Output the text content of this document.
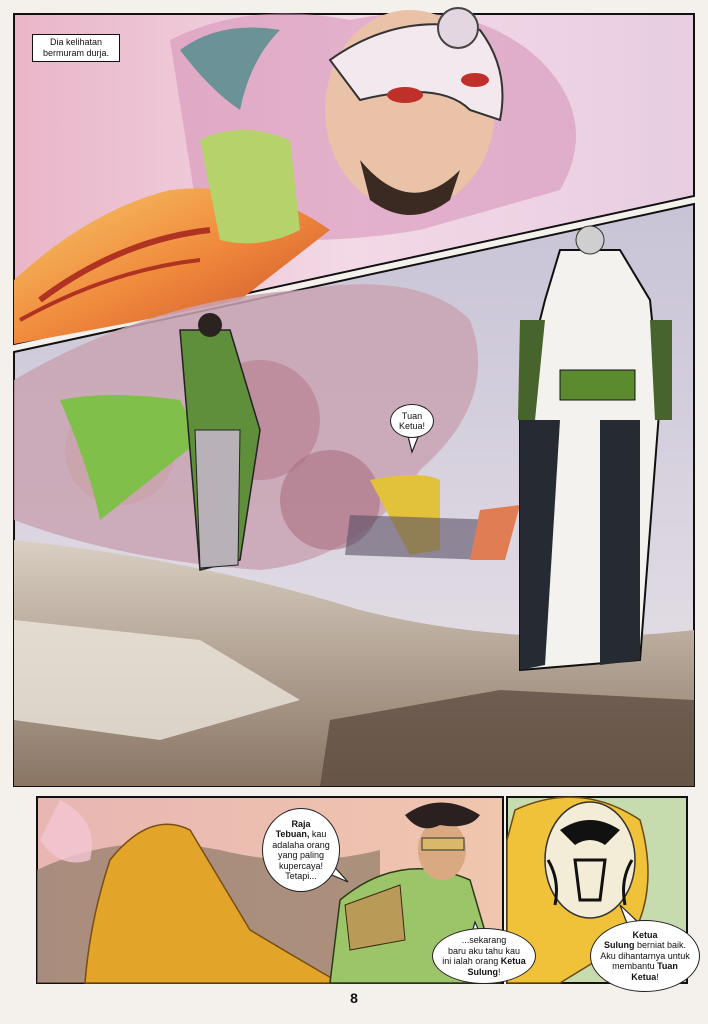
Dia kelihatan
bermuram durja.
Tuan
Ketua!
Raja
Tebuan, kau
adalaha orang
yang paling
kupercaya!
Tetapi...
...sekarang
baru aku tahu kau
ini ialah orang Ketua
Sulung!
Ketua
Sulung berniat baik.
Aku dihantarnya untuk
membantu Tuan
Ketua!
8
